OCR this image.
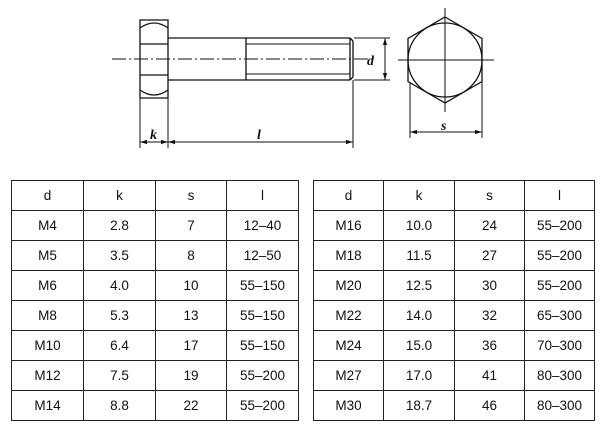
d
k	l
s
d	k	s	l
M4	2.8	7	12–40
M5	3.5	8	12–50
M6	4.0	10	55–150
M8	5.3	13	55–150
M10	6.4	17	55–150
M12	7.5	19	55–200
M14	8.8	22	55–200
d	k	s	l
M16	10.0	24	55–200
M18	11.5	27	55–200
M20	12.5	30	55–200
M22	14.0	32	65–300
M24	15.0	36	70–300
M27	17.0	41	80–300
M30	18.7	46	80–300
